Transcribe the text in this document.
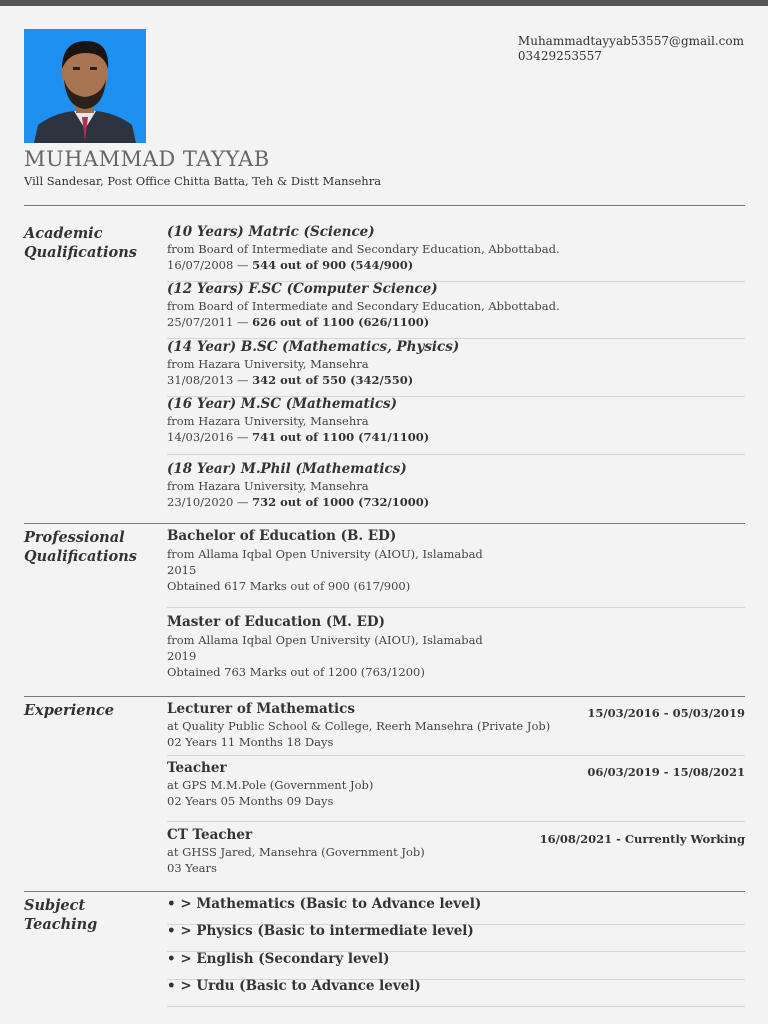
Muhammadtayyab53557@gmail.com
03429253557
MUHAMMAD TAYYAB
Vill Sandesar, Post Office Chitta Batta, Teh & Distt Mansehra
Academic
Qualifications
(10 Years) Matric (Science)
from Board of Intermediate and Secondary Education, Abbottabad.
16/07/2008 — 544 out of 900 (544/900)
(12 Years) F.SC (Computer Science)
from Board of Intermediate and Secondary Education, Abbottabad.
25/07/2011 — 626 out of 1100 (626/1100)
(14 Year) B.SC (Mathematics, Physics)
from Hazara University, Mansehra
31/08/2013 — 342 out of 550 (342/550)
(16 Year) M.SC (Mathematics)
from Hazara University, Mansehra
14/03/2016 — 741 out of 1100 (741/1100)
(18 Year) M.Phil (Mathematics)
from Hazara University, Mansehra
23/10/2020 — 732 out of 1000 (732/1000)
Professional
Qualifications
Bachelor of Education (B. ED)
from Allama Iqbal Open University (AIOU), Islamabad
2015
Obtained 617 Marks out of 900 (617/900)
Master of Education (M. ED)
from Allama Iqbal Open University (AIOU), Islamabad
2019
Obtained 763 Marks out of 1200 (763/1200)
Experience	Lecturer of Mathematics
at Quality Public School & College, Reerh Mansehra (Private Job)
02 Years 11 Months 18 Days
15/03/2016 - 05/03/2019
Teacher
at GPS M.M.Pole (Government Job)
02 Years 05 Months 09 Days
06/03/2019 - 15/08/2021
CT Teacher
at GHSS Jared, Mansehra (Government Job)
03 Years
16/08/2021 - Currently Working
Subject
Teaching
• > Mathematics (Basic to Advance level)
• > Physics (Basic to intermediate level)
• > English (Secondary level)
• > Urdu (Basic to Advance level)
